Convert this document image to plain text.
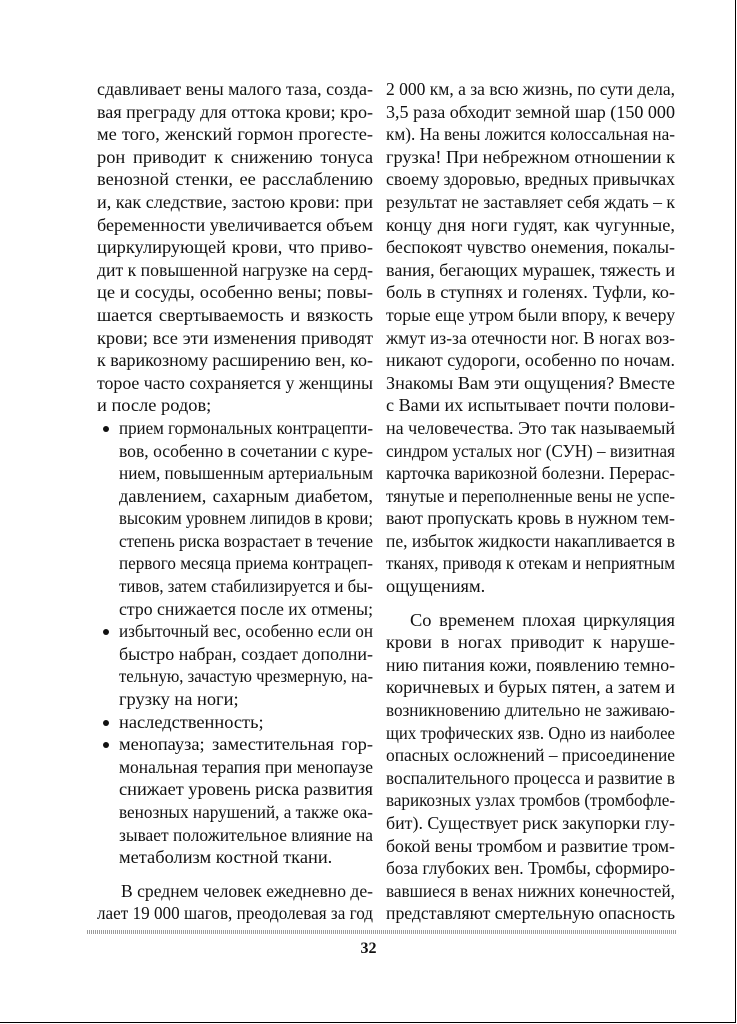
сдавливает вены малого таза, созда-
вая преграду для оттока крови; кро-
ме того, женский гормон прогесте-
рон приводит к снижению тонуса
венозной стенки, ее расслаблению
и, как следствие, застою крови: при
беременности увеличивается объем
циркулирующей крови, что приво-
дит к повышенной нагрузке на серд-
це и сосуды, особенно вены; повы-
шается свертываемость и вязкость
крови; все эти изменения приводят
к варикозному расширению вен, ко-
торое часто сохраняется у женщины
и после родов;
прием гормональных контрацепти-
вов, особенно в сочетании с куре-
нием, повышенным артериальным
давлением, сахарным диабетом,
высоким уровнем липидов в крови;
степень риска возрастает в течение
первого месяца приема контрацеп-
тивов, затем стабилизируется и бы-
стро снижается после их отмены;
избыточный вес, особенно если он
быстро набран, создает дополни-
тельную, зачастую чрезмерную, на-
грузку на ноги;
наследственность;
менопауза; заместительная гор-
мональная терапия при менопаузе
снижает уровень риска развития
венозных нарушений, а также ока-
зывает положительное влияние на
метаболизм костной ткани.
В среднем человек ежедневно де-
лает 19 000 шагов, преодолевая за год
2 000 км, а за всю жизнь, по сути дела,
3,5 раза обходит земной шар (150 000
км). На вены ложится колоссальная на-
грузка! При небрежном отношении к
своему здоровью, вредных привычках
результат не заставляет себя ждать – к
концу дня ноги гудят, как чугунные,
беспокоят чувство онемения, покалы-
вания, бегающих мурашек, тяжесть и
боль в ступнях и голенях. Туфли, ко-
торые еще утром были впору, к вечеру
жмут из-за отечности ног. В ногах воз-
никают судороги, особенно по ночам.
Знакомы Вам эти ощущения? Вместе
с Вами их испытывает почти полови-
на человечества. Это так называемый
синдром усталых ног (СУН) – визитная
карточка варикозной болезни. Перерас-
тянутые и переполненные вены не успе-
вают пропускать кровь в нужном тем-
пе, избыток жидкости накапливается в
тканях, приводя к отекам и неприятным
ощущениям.
Со временем плохая циркуляция
крови в ногах приводит к наруше-
нию питания кожи, появлению темно-
коричневых и бурых пятен, а затем и
возникновению длительно не заживаю-
щих трофических язв. Одно из наиболее
опасных осложнений – присоединение
воспалительного процесса и развитие в
варикозных узлах тромбов (тромбофле-
бит). Существует риск закупорки глу-
бокой вены тромбом и развитие тром-
боза глубоких вен. Тромбы, сформиро-
вавшиеся в венах нижних конечностей,
представляют смертельную опасность
32
